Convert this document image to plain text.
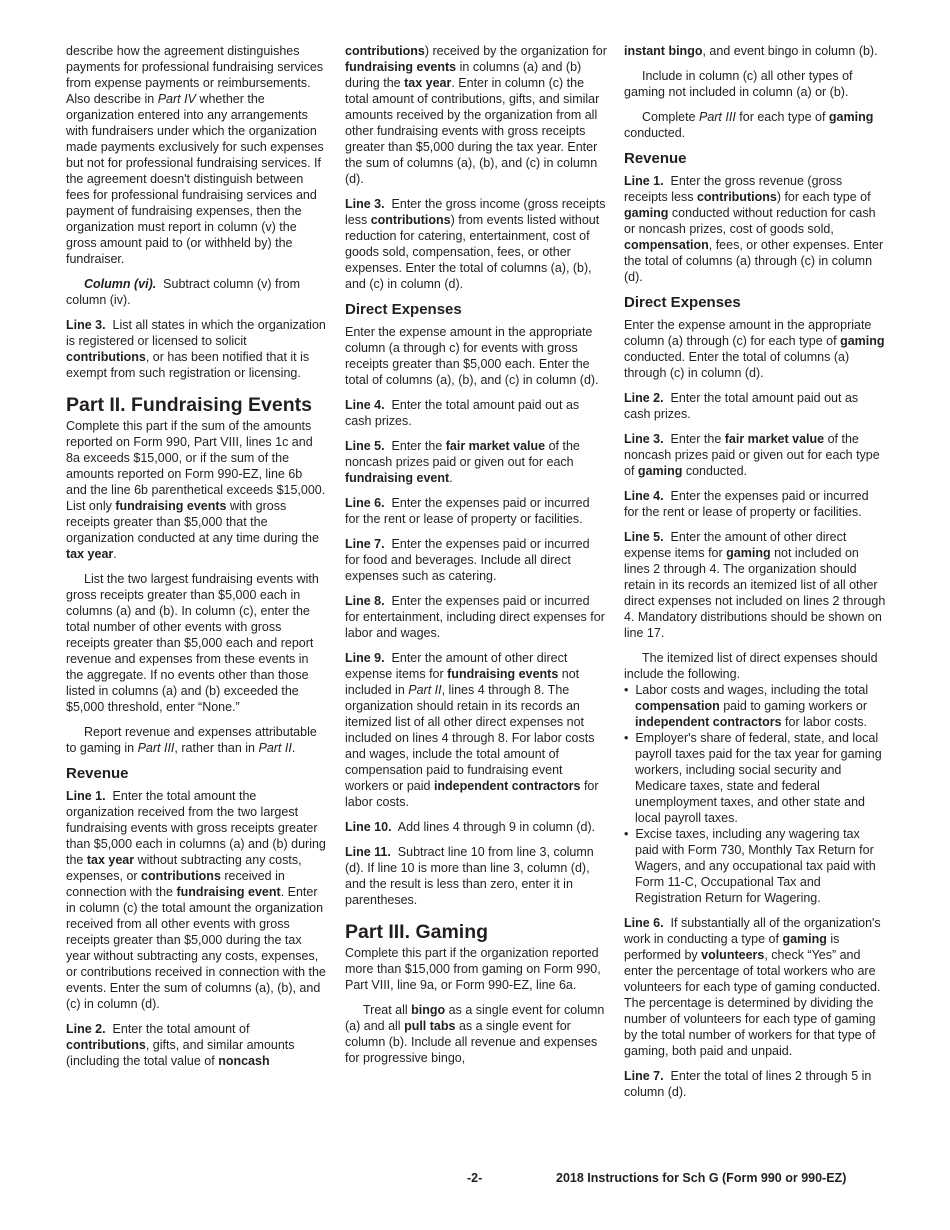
describe how the agreement distinguishes payments for professional fundraising services from expense payments or reimbursements. Also describe in Part IV whether the organization entered into any arrangements with fundraisers under which the organization made payments exclusively for such expenses but not for professional fundraising services. If the agreement doesn't distinguish between fees for professional fundraising services and payment of fundraising expenses, then the organization must report in column (v) the gross amount paid to (or withheld by) the fundraiser.

Column (vi).  Subtract column (v) from column (iv).

Line 3.  List all states in which the organization is registered or licensed to solicit contributions, or has been notified that it is exempt from such registration or licensing.

Part II. Fundraising Events

Complete this part if the sum of the amounts reported on Form 990, Part VIII, lines 1c and 8a exceeds $15,000, or if the sum of the amounts reported on Form 990-EZ, line 6b and the line 6b parenthetical exceeds $15,000. List only fundraising events with gross receipts greater than $5,000 that the organization conducted at any time during the tax year.

List the two largest fundraising events with gross receipts greater than $5,000 each in columns (a) and (b). In column (c), enter the total number of other events with gross receipts greater than $5,000 each and report revenue and expenses from these events in the aggregate. If no events other than those listed in columns (a) and (b) exceeded the $5,000 threshold, enter “None.”

Report revenue and expenses attributable to gaming in Part III, rather than in Part II.

Revenue

Line 1.  Enter the total amount the organization received from the two largest fundraising events with gross receipts greater than $5,000 each in columns (a) and (b) during the tax year without subtracting any costs, expenses, or contributions received in connection with the fundraising event. Enter in column (c) the total amount the organization received from all other events with gross receipts greater than $5,000 during the tax year without subtracting any costs, expenses, or contributions received in connection with the events. Enter the sum of columns (a), (b), and (c) in column (d).

Line 2.  Enter the total amount of contributions, gifts, and similar amounts (including the total value of noncash

contributions) received by the organization for fundraising events in columns (a) and (b) during the tax year. Enter in column (c) the total amount of contributions, gifts, and similar amounts received by the organization from all other fundraising events with gross receipts greater than $5,000 during the tax year. Enter the sum of columns (a), (b), and (c) in column (d).

Line 3.  Enter the gross income (gross receipts less contributions) from events listed without reduction for catering, entertainment, cost of goods sold, compensation, fees, or other expenses. Enter the total of columns (a), (b), and (c) in column (d).

Direct Expenses

Enter the expense amount in the appropriate column (a through c) for events with gross receipts greater than $5,000 each. Enter the total of columns (a), (b), and (c) in column (d).

Line 4.  Enter the total amount paid out as cash prizes.

Line 5.  Enter the fair market value of the noncash prizes paid or given out for each fundraising event.

Line 6.  Enter the expenses paid or incurred for the rent or lease of property or facilities.

Line 7.  Enter the expenses paid or incurred for food and beverages. Include all direct expenses such as catering.

Line 8.  Enter the expenses paid or incurred for entertainment, including direct expenses for labor and wages.

Line 9.  Enter the amount of other direct expense items for fundraising events not included in Part II, lines 4 through 8. The organization should retain in its records an itemized list of all other direct expenses not included on lines 4 through 8. For labor costs and wages, include the total amount of compensation paid to fundraising event workers or paid independent contractors for labor costs.

Line 10.  Add lines 4 through 9 in column (d).

Line 11.  Subtract line 10 from line 3, column (d). If line 10 is more than line 3, column (d), and the result is less than zero, enter it in parentheses.

Part III. Gaming

Complete this part if the organization reported more than $15,000 from gaming on Form 990, Part VIII, line 9a, or Form 990-EZ, line 6a.

Treat all bingo as a single event for column (a) and all pull tabs as a single event for column (b). Include all revenue and expenses for progressive bingo,

instant bingo, and event bingo in column (b).

Include in column (c) all other types of gaming not included in column (a) or (b).

Complete Part III for each type of gaming conducted.

Revenue

Line 1.  Enter the gross revenue (gross receipts less contributions) for each type of gaming conducted without reduction for cash or noncash prizes, cost of goods sold, compensation, fees, or other expenses. Enter the total of columns (a) through (c) in column (d).

Direct Expenses

Enter the expense amount in the appropriate column (a) through (c) for each type of gaming conducted. Enter the total of columns (a) through (c) in column (d).

Line 2.  Enter the total amount paid out as cash prizes.

Line 3.  Enter the fair market value of the noncash prizes paid or given out for each type of gaming conducted.

Line 4.  Enter the expenses paid or incurred for the rent or lease of property or facilities.

Line 5.  Enter the amount of other direct expense items for gaming not included on lines 2 through 4. The organization should retain in its records an itemized list of all other direct expenses not included on lines 2 through 4. Mandatory distributions should be shown on line 17.

The itemized list of direct expenses should include the following.

•  Labor costs and wages, including the total compensation paid to gaming workers or independent contractors for labor costs.

•  Employer's share of federal, state, and local payroll taxes paid for the tax year for gaming workers, including social security and Medicare taxes, state and federal unemployment taxes, and other state and local payroll taxes.

•  Excise taxes, including any wagering tax paid with Form 730, Monthly Tax Return for Wagers, and any occupational tax paid with Form 11-C, Occupational Tax and Registration Return for Wagering.

Line 6.  If substantially all of the organization's work in conducting a type of gaming is performed by volunteers, check “Yes” and enter the percentage of total workers who are volunteers for each type of gaming conducted. The percentage is determined by dividing the number of volunteers for each type of gaming by the total number of workers for that type of gaming, both paid and unpaid.

Line 7.  Enter the total of lines 2 through 5 in column (d).

-2-	2018 Instructions for Sch G (Form 990 or 990-EZ)
